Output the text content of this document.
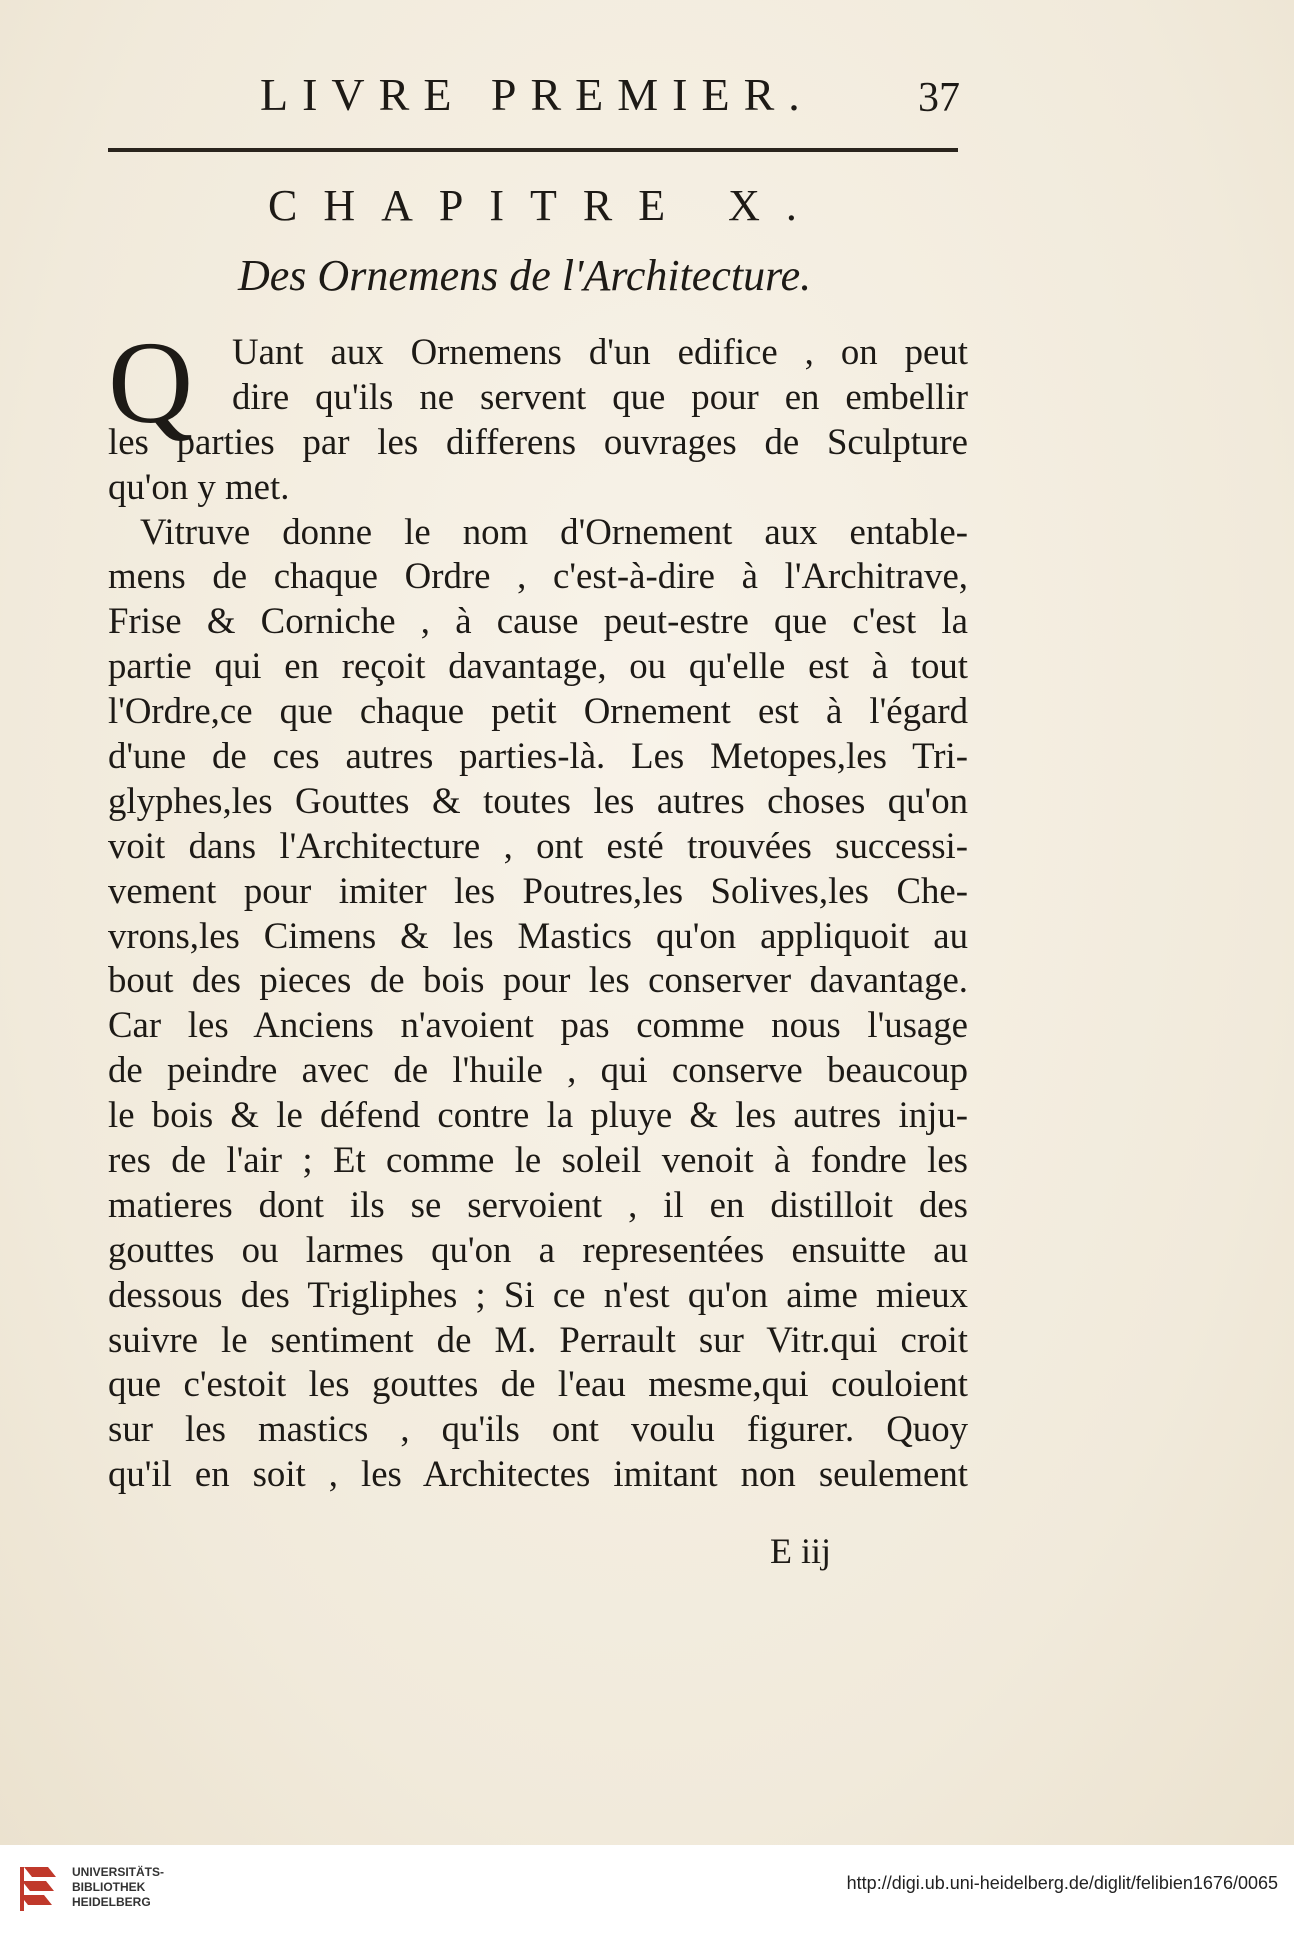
LIVRE PREMIER. 37
CHAPITRE X.
Des Ornemens de l'Architecture.
Q	Uant aux Ornemens d'un edifice , on peut
dire qu'ils ne servent que pour en embellir
les parties par les differens ouvrages de Sculpture
qu'on y met.
Vitruve donne le nom d'Ornement aux entable-
mens de chaque Ordre , c'est-à-dire à l'Architrave,
Frise & Corniche , à cause peut-estre que c'est la
partie qui en reçoit davantage, ou qu'elle est à tout
l'Ordre,ce que chaque petit Ornement est à l'égard
d'une de ces autres parties-là. Les Metopes,les Tri-
glyphes,les Gouttes & toutes les autres choses qu'on
voit dans l'Architecture , ont esté trouvées successi-
vement pour imiter les Poutres,les Solives,les Che-
vrons,les Cimens & les Mastics qu'on appliquoit au
bout des pieces de bois pour les conserver davantage.
Car les Anciens n'avoient pas comme nous l'usage
de peindre avec de l'huile , qui conserve beaucoup
le bois & le défend contre la pluye & les autres inju-
res de l'air ; Et comme le soleil venoit à fondre les
matieres dont ils se servoient , il en distilloit des
gouttes ou larmes qu'on a representées ensuitte au
dessous des Trigliphes ; Si ce n'est qu'on aime mieux
suivre le sentiment de M. Perrault sur Vitr.qui croit
que c'estoit les gouttes de l'eau mesme,qui couloient
sur les mastics , qu'ils ont voulu figurer. Quoy
qu'il en soit , les Architectes imitant non seulement
E iij
UNIVERSITÄTS-
BIBLIOTHEK
HEIDELBERG
http://digi.ub.uni-heidelberg.de/diglit/felibien1676/0065
